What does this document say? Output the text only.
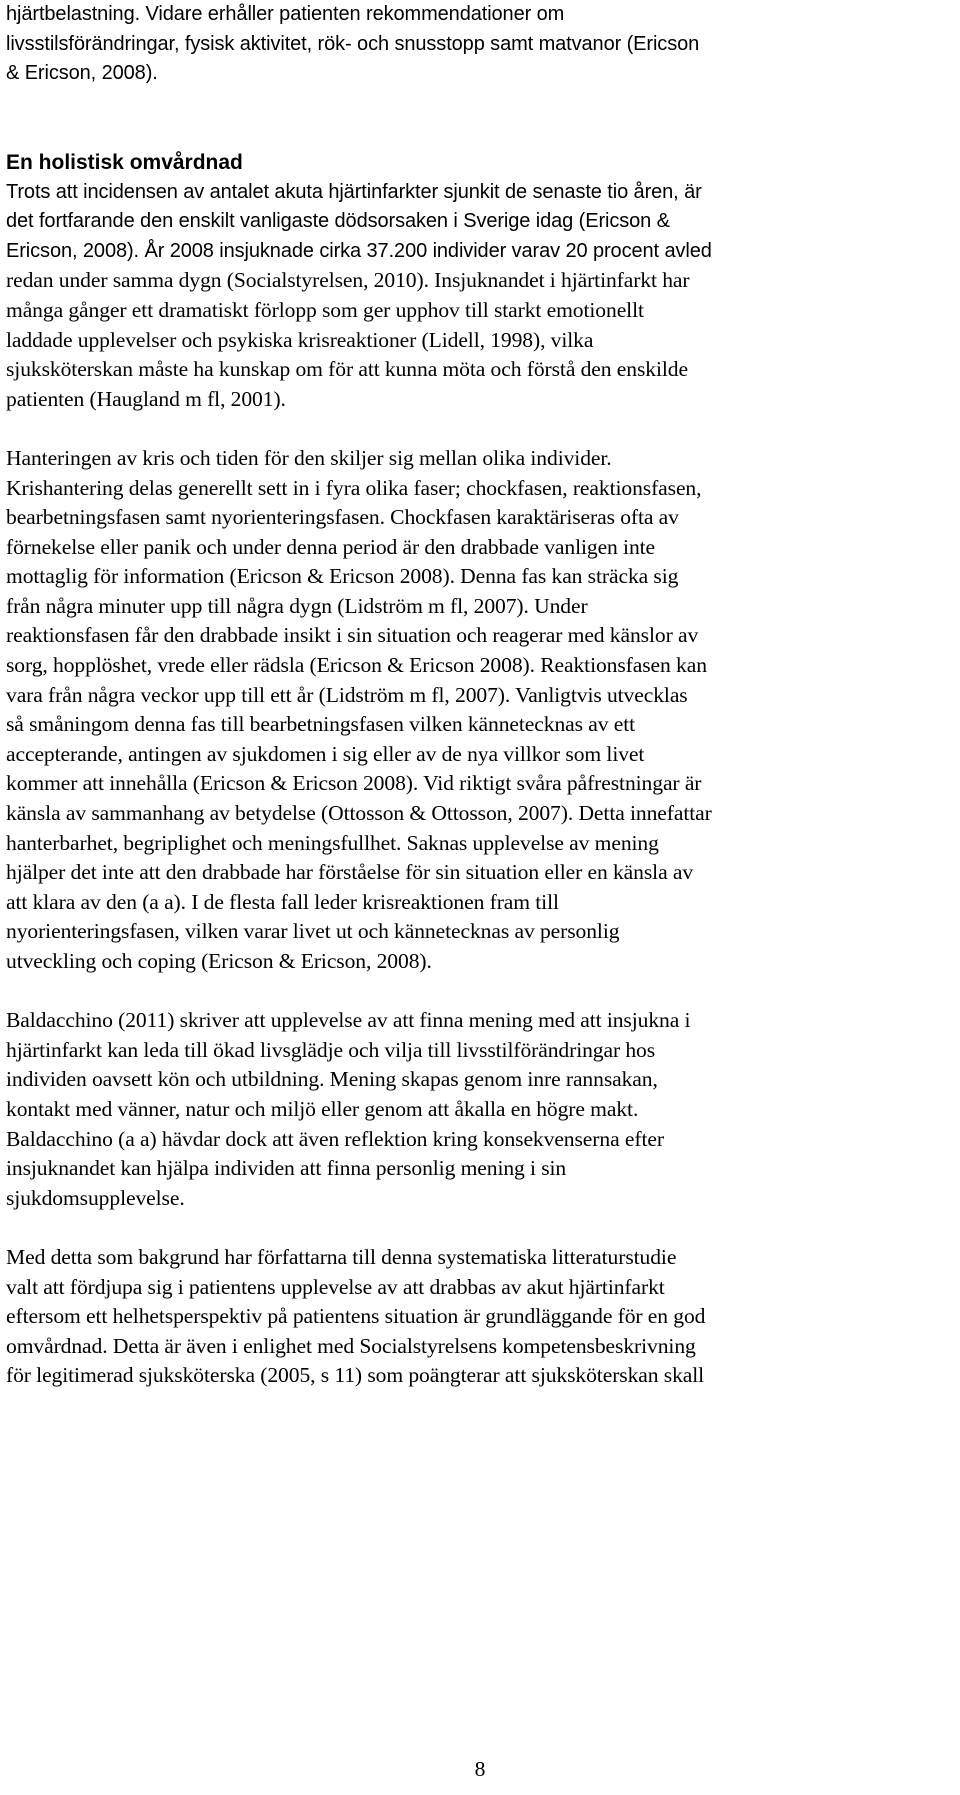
hjärtbelastning. Vidare erhåller patienten rekommendationer om
livsstilsförändringar, fysisk aktivitet, rök- och snusstopp samt matvanor (Ericson
& Ericson, 2008).
En holistisk omvårdnad
Trots att incidensen av antalet akuta hjärtinfarkter sjunkit de senaste tio åren, är
det fortfarande den enskilt vanligaste dödsorsaken i Sverige idag (Ericson &
Ericson, 2008). År 2008 insjuknade cirka 37.200 individer varav 20 procent avled
redan under samma dygn (Socialstyrelsen, 2010). Insjuknandet i hjärtinfarkt har
många gånger ett dramatiskt förlopp som ger upphov till starkt emotionellt
laddade upplevelser och psykiska krisreaktioner (Lidell, 1998), vilka
sjuksköterskan måste ha kunskap om för att kunna möta och förstå den enskilde
patienten (Haugland m fl, 2001).
Hanteringen av kris och tiden för den skiljer sig mellan olika individer.
Krishantering delas generellt sett in i fyra olika faser; chockfasen, reaktionsfasen,
bearbetningsfasen samt nyorienteringsfasen. Chockfasen karaktäriseras ofta av
förnekelse eller panik och under denna period är den drabbade vanligen inte
mottaglig för information (Ericson & Ericson 2008). Denna fas kan sträcka sig
från några minuter upp till några dygn (Lidström m fl, 2007). Under
reaktionsfasen får den drabbade insikt i sin situation och reagerar med känslor av
sorg, hopplöshet, vrede eller rädsla (Ericson & Ericson 2008). Reaktionsfasen kan
vara från några veckor upp till ett år (Lidström m fl, 2007). Vanligtvis utvecklas
så småningom denna fas till bearbetningsfasen vilken kännetecknas av ett
accepterande, antingen av sjukdomen i sig eller av de nya villkor som livet
kommer att innehålla (Ericson & Ericson 2008). Vid riktigt svåra påfrestningar är
känsla av sammanhang av betydelse (Ottosson & Ottosson, 2007). Detta innefattar
hanterbarhet, begriplighet och meningsfullhet. Saknas upplevelse av mening
hjälper det inte att den drabbade har förståelse för sin situation eller en känsla av
att klara av den (a a). I de flesta fall leder krisreaktionen fram till
nyorienteringsfasen, vilken varar livet ut och kännetecknas av personlig
utveckling och coping (Ericson & Ericson, 2008).
Baldacchino (2011) skriver att upplevelse av att finna mening med att insjukna i
hjärtinfarkt kan leda till ökad livsglädje och vilja till livsstilförändringar hos
individen oavsett kön och utbildning. Mening skapas genom inre rannsakan,
kontakt med vänner, natur och miljö eller genom att åkalla en högre makt.
Baldacchino (a a) hävdar dock att även reflektion kring konsekvenserna efter
insjuknandet kan hjälpa individen att finna personlig mening i sin
sjukdomsupplevelse.
Med detta som bakgrund har författarna till denna systematiska litteraturstudie
valt att fördjupa sig i patientens upplevelse av att drabbas av akut hjärtinfarkt
eftersom ett helhetsperspektiv på patientens situation är grundläggande för en god
omvårdnad. Detta är även i enlighet med Socialstyrelsens kompetensbeskrivning
för legitimerad sjuksköterska (2005, s 11) som poängterar att sjuksköterskan skall
8
